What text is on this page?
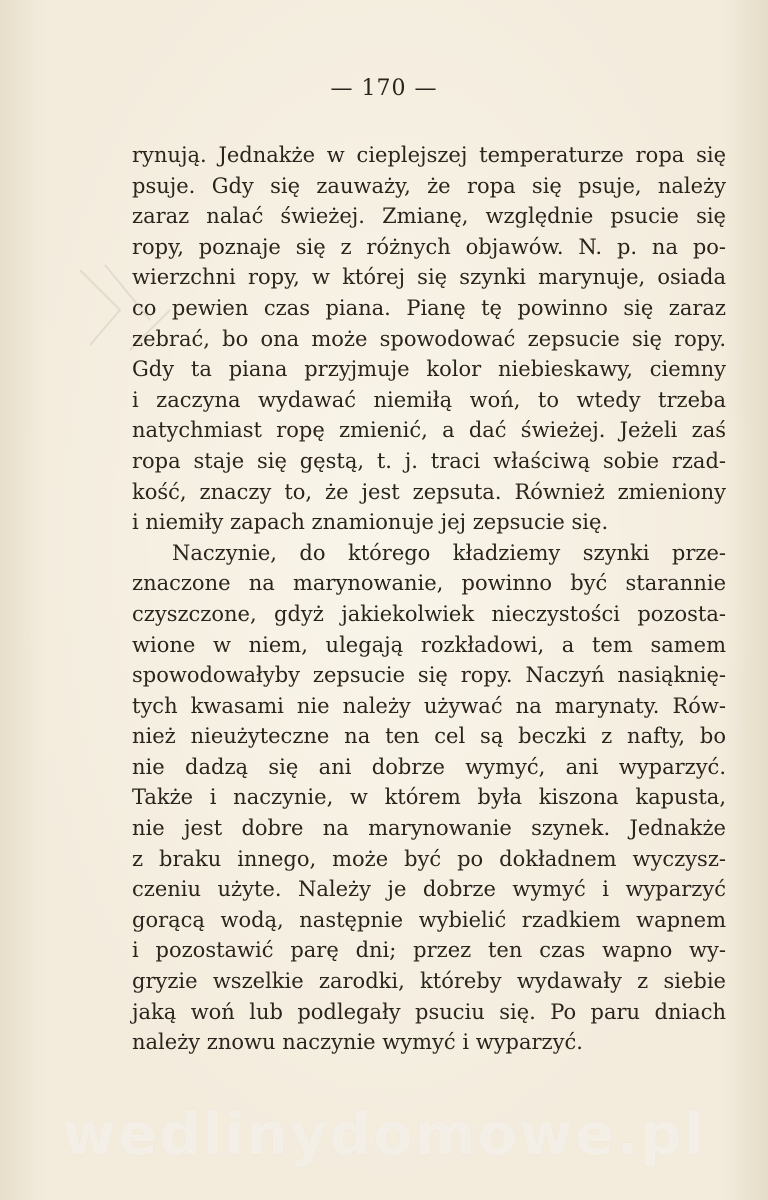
— 170 —
rynują. Jednakże w cieplejszej temperaturze ropa się
psuje. Gdy się zauważy, że ropa się psuje, należy
zaraz nalać świeżej. Zmianę, względnie psucie się
ropy, poznaje się z różnych objawów. N. p. na po-
wierzchni ropy, w której się szynki marynuje, osiada
co pewien czas piana. Pianę tę powinno się zaraz
zebrać, bo ona może spowodować zepsucie się ropy.
Gdy ta piana przyjmuje kolor niebieskawy, ciemny
i zaczyna wydawać niemiłą woń, to wtedy trzeba
natychmiast ropę zmienić, a dać świeżej. Jeżeli zaś
ropa staje się gęstą, t. j. traci właściwą sobie rzad-
kość, znaczy to, że jest zepsuta. Również zmieniony
i niemiły zapach znamionuje jej zepsucie się.
Naczynie, do którego kładziemy szynki prze-
znaczone na marynowanie, powinno być starannie
czyszczone, gdyż jakiekolwiek nieczystości pozosta-
wione w niem, ulegają rozkładowi, a tem samem
spowodowałyby zepsucie się ropy. Naczyń nasiąknię-
tych kwasami nie należy używać na marynaty. Rów-
nież nieużyteczne na ten cel są beczki z nafty, bo
nie dadzą się ani dobrze wymyć, ani wyparzyć.
Także i naczynie, w którem była kiszona kapusta,
nie jest dobre na marynowanie szynek. Jednakże
z braku innego, może być po dokładnem wyczysz-
czeniu użyte. Należy je dobrze wymyć i wyparzyć
gorącą wodą, następnie wybielić rzadkiem wapnem
i pozostawić parę dni; przez ten czas wapno wy-
gryzie wszelkie zarodki, któreby wydawały z siebie
jaką woń lub podlegały psuciu się. Po paru dniach
należy znowu naczynie wymyć i wyparzyć.
wedlinydomowe.pl
